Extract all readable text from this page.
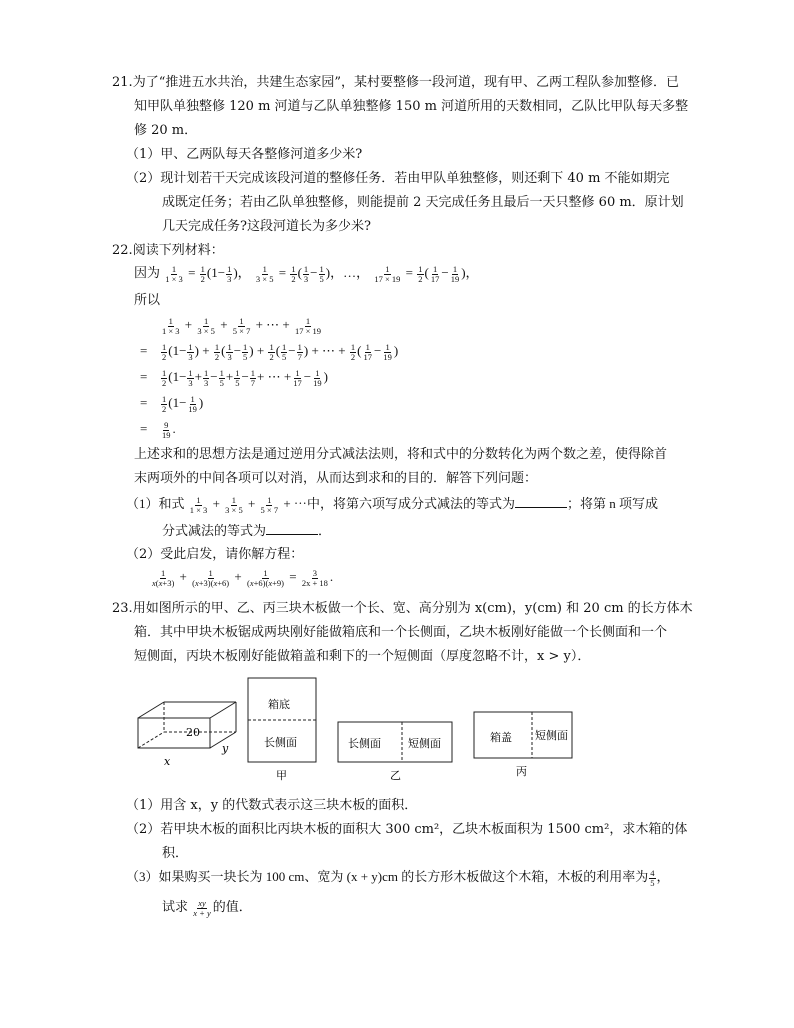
21.为了“推进五水共治，共建生态家园”，某村要整修一段河道，现有甲、乙两工程队参加整修．已
知甲队单独整修 120 m 河道与乙队单独整修 150 m 河道所用的天数相同，乙队比甲队每天多整
修 20 m．
（1）甲、乙两队每天各整修河道多少米?
（2）现计划若干天完成该段河道的整修任务．若由甲队单独整修，则还剩下 40 m 不能如期完
成既定任务；若由乙队单独整修，则能提前 2 天完成任务且最后一天只整修 60 m．原计划
几天完成任务?这段河道长为多少米?
22.阅读下列材料：
因为 $\frac{1}{1 \times 3} = \frac{1}{2} (1- \frac{1}{3}$ )， $\frac{1}{3 \times 5} = \frac{1}{2}$ ( $\frac{1}{3} - \frac{1}{5}$ )，…， $\frac{1}{17 \times 19} = \frac{1}{2}$ ( $\frac{1}{17} - \frac{1}{19}$ )，
所以
$\frac{1}{1 \times 3} + \frac{1}{3 \times 5} + \frac{1}{5 \times 7}$ + ⋯ + $\frac{1}{17 \times 19}$
= $\frac{1}{2} (1- \frac{1}{3}$ ) + $\frac{1}{2}$ ( $\frac{1}{3} - \frac{1}{5}$ ) + $\frac{1}{2}$ ( $\frac{1}{5} - \frac{1}{7}$ ) + ⋯ + $\frac{1}{2}$ ( $\frac{1}{17} - \frac{1}{19}$ )
= $\frac{1}{2} (1- \frac{1}{3} + \frac{1}{3} - \frac{1}{5} + \frac{1}{5} - \frac{1}{7}$ + ⋯ + $\frac{1}{17} - \frac{1}{19}$ )
= $\frac{1}{2} (1- \frac{1}{19}$ )
= $\frac{9}{19}$ .
上述求和的思想方法是通过逆用分式减法法则，将和式中的分数转化为两个数之差，使得除首
末两项外的中间各项可以对消，从而达到求和的目的．解答下列问题：
（1）和式 $\frac{1}{1 \times 3} + \frac{1}{3 \times 5} + \frac{1}{5 \times 7}$ + ⋯中，将第六项写成分式减法的等式为	；将第 n 项写成
分式减法的等式为	．
（2）受此启发，请你解方程：
$\frac{1}{x(x+3)} + \frac{1}{(x+3)(x+6)} + \frac{1}{(x+6)(x+9)} = \frac{3}{2x + 18}$ .
23.用如图所示的甲、乙、丙三块木板做一个长、宽、高分别为 x(cm)，y(cm) 和 20 cm 的长方体木
箱．其中甲块木板锯成两块刚好能做箱底和一个长侧面，乙块木板刚好能做一个长侧面和一个
短侧面，丙块木板刚好能做箱盖和剩下的一个短侧面（厚度忽略不计，x > y）．
20
x
y
箱底
长侧面
甲
长侧面 短侧面
乙
箱盖 短侧面
丙
（1）用含 x，y 的代数式表示这三块木板的面积．
（2）若甲块木板的面积比丙块木板的面积大 300 cm²，乙块木板面积为 1500 cm²，求木箱的体
积．
（3）如果购买一块长为 100 cm、宽为 (x + y)cm 的长方形木板做这个木箱，木板的利用率为 $\frac{4}{5}$ ，
试求 $\frac{xy}{x + y}$ 的值．
